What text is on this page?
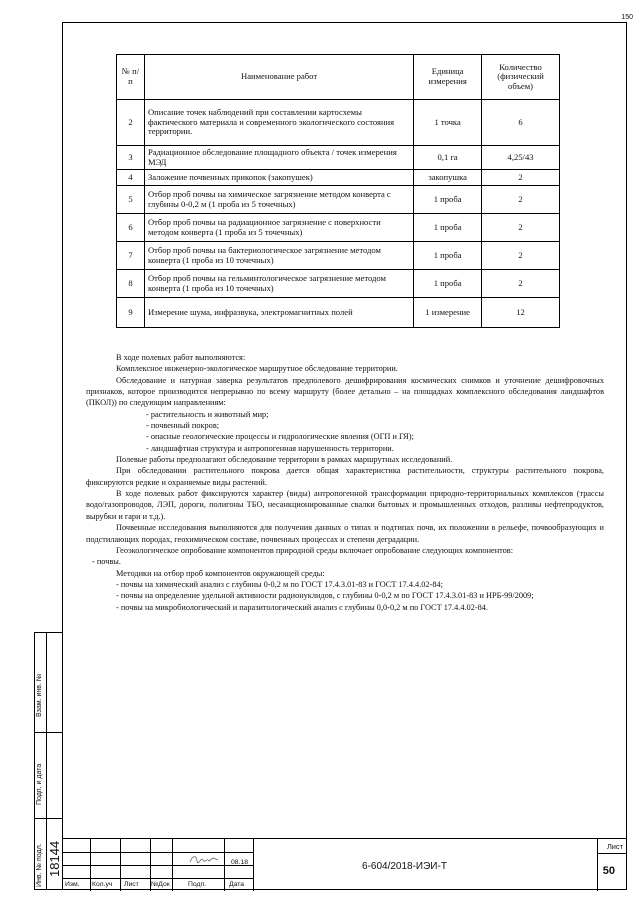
150
№ п/п	Наименование работ	Единица измерения	Количество (физический объем)
2	Описание точек наблюдений при составлении картосхемы фактического материала и современного экологического состояния территории.	1 точка	6
3	Радиационное обследование площадного объекта / точек измерения МЭД	0,1 га	4,25/43
4	Заложение почвенных прикопок (закопушек)	закопушка	2
5	Отбор проб почвы на химическое загрязнение методом конверта с глубины 0-0,2 м (1 проба из 5 точечных)	1 проба	2
6	Отбор проб почвы на радиационное загрязнение с поверхности методом конверта (1 проба из 5 точечных)	1 проба	2
7	Отбор проб почвы на бактериологическое загрязнение методом конверта (1 проба из 10 точечных)	1 проба	2
8	Отбор проб почвы на гельминтологическое загрязнение методом конверта (1 проба из 10 точечных)	1 проба	2
9	Измерение шума, инфразвука, электромагнитных полей	1 измерение	12

В ходе полевых работ выполняются:

Комплексное инженерно-экологическое маршрутное обследование территории.

Обследование и натурная заверка результатов предполевого дешифрирования космических снимков и уточнение дешифровочных признаков, которое производится непрерывно по всему маршруту (более детально – на площадках комплексного обследования ландшафтов (ПКОЛ)) по следующим направлениям:

- растительность и животный мир;

- почвенный покров;

- опасные геологические процессы и гидрологические явления (ОГП и ГЯ);

- ландшафтная структура и антропогенная нарушенность территории.

Полевые работы предполагают обследование территории в рамках маршрутных исследований.

При обследовании растительного покрова дается общая характеристика растительности, структуры растительного покрова, фиксируются редкие и охраняемые виды растений.

В ходе полевых работ фиксируются характер (виды) антропогенной трансформации природно-территориальных комплексов (трассы водо/газопроводов, ЛЭП, дороги, полигоны ТБО, несанкционированные свалки бытовых и промышленных отходов, разливы нефтепродуктов, вырубки и гари и т.д.).

Почвенные исследования выполняются для получения данных о типах и подтипах почв, их положении в рельефе, почвообразующих и подстилающих породах, геохимическом составе, почвенных процессах и степени деградации.

Геоэкологическое опробование компонентов природной среды включает опробование следующих компонентов:

- почвы.

Методики на отбор проб компонентов окружающей среды:

- почвы на химический анализ с глубины 0-0,2 м по ГОСТ 17.4.3.01-83 и ГОСТ 17.4.4.02-84;

- почвы на определение удельной активности радионуклидов, с глубины 0-0,2 м по ГОСТ 17.4.3.01-83 и НРБ-99/2009;

- почвы на микробиологический и паразитологический анализ с глубины 0,0-0,2 м по ГОСТ 17.4.4.02-84.

Взам. инв. №
Подп. и дата
Инв. № подл. 18144
Изм. Кол.уч Лист №Док	Подп.	Дата
08.18	6-604/2018-ИЭИ-Т
Лист
50
